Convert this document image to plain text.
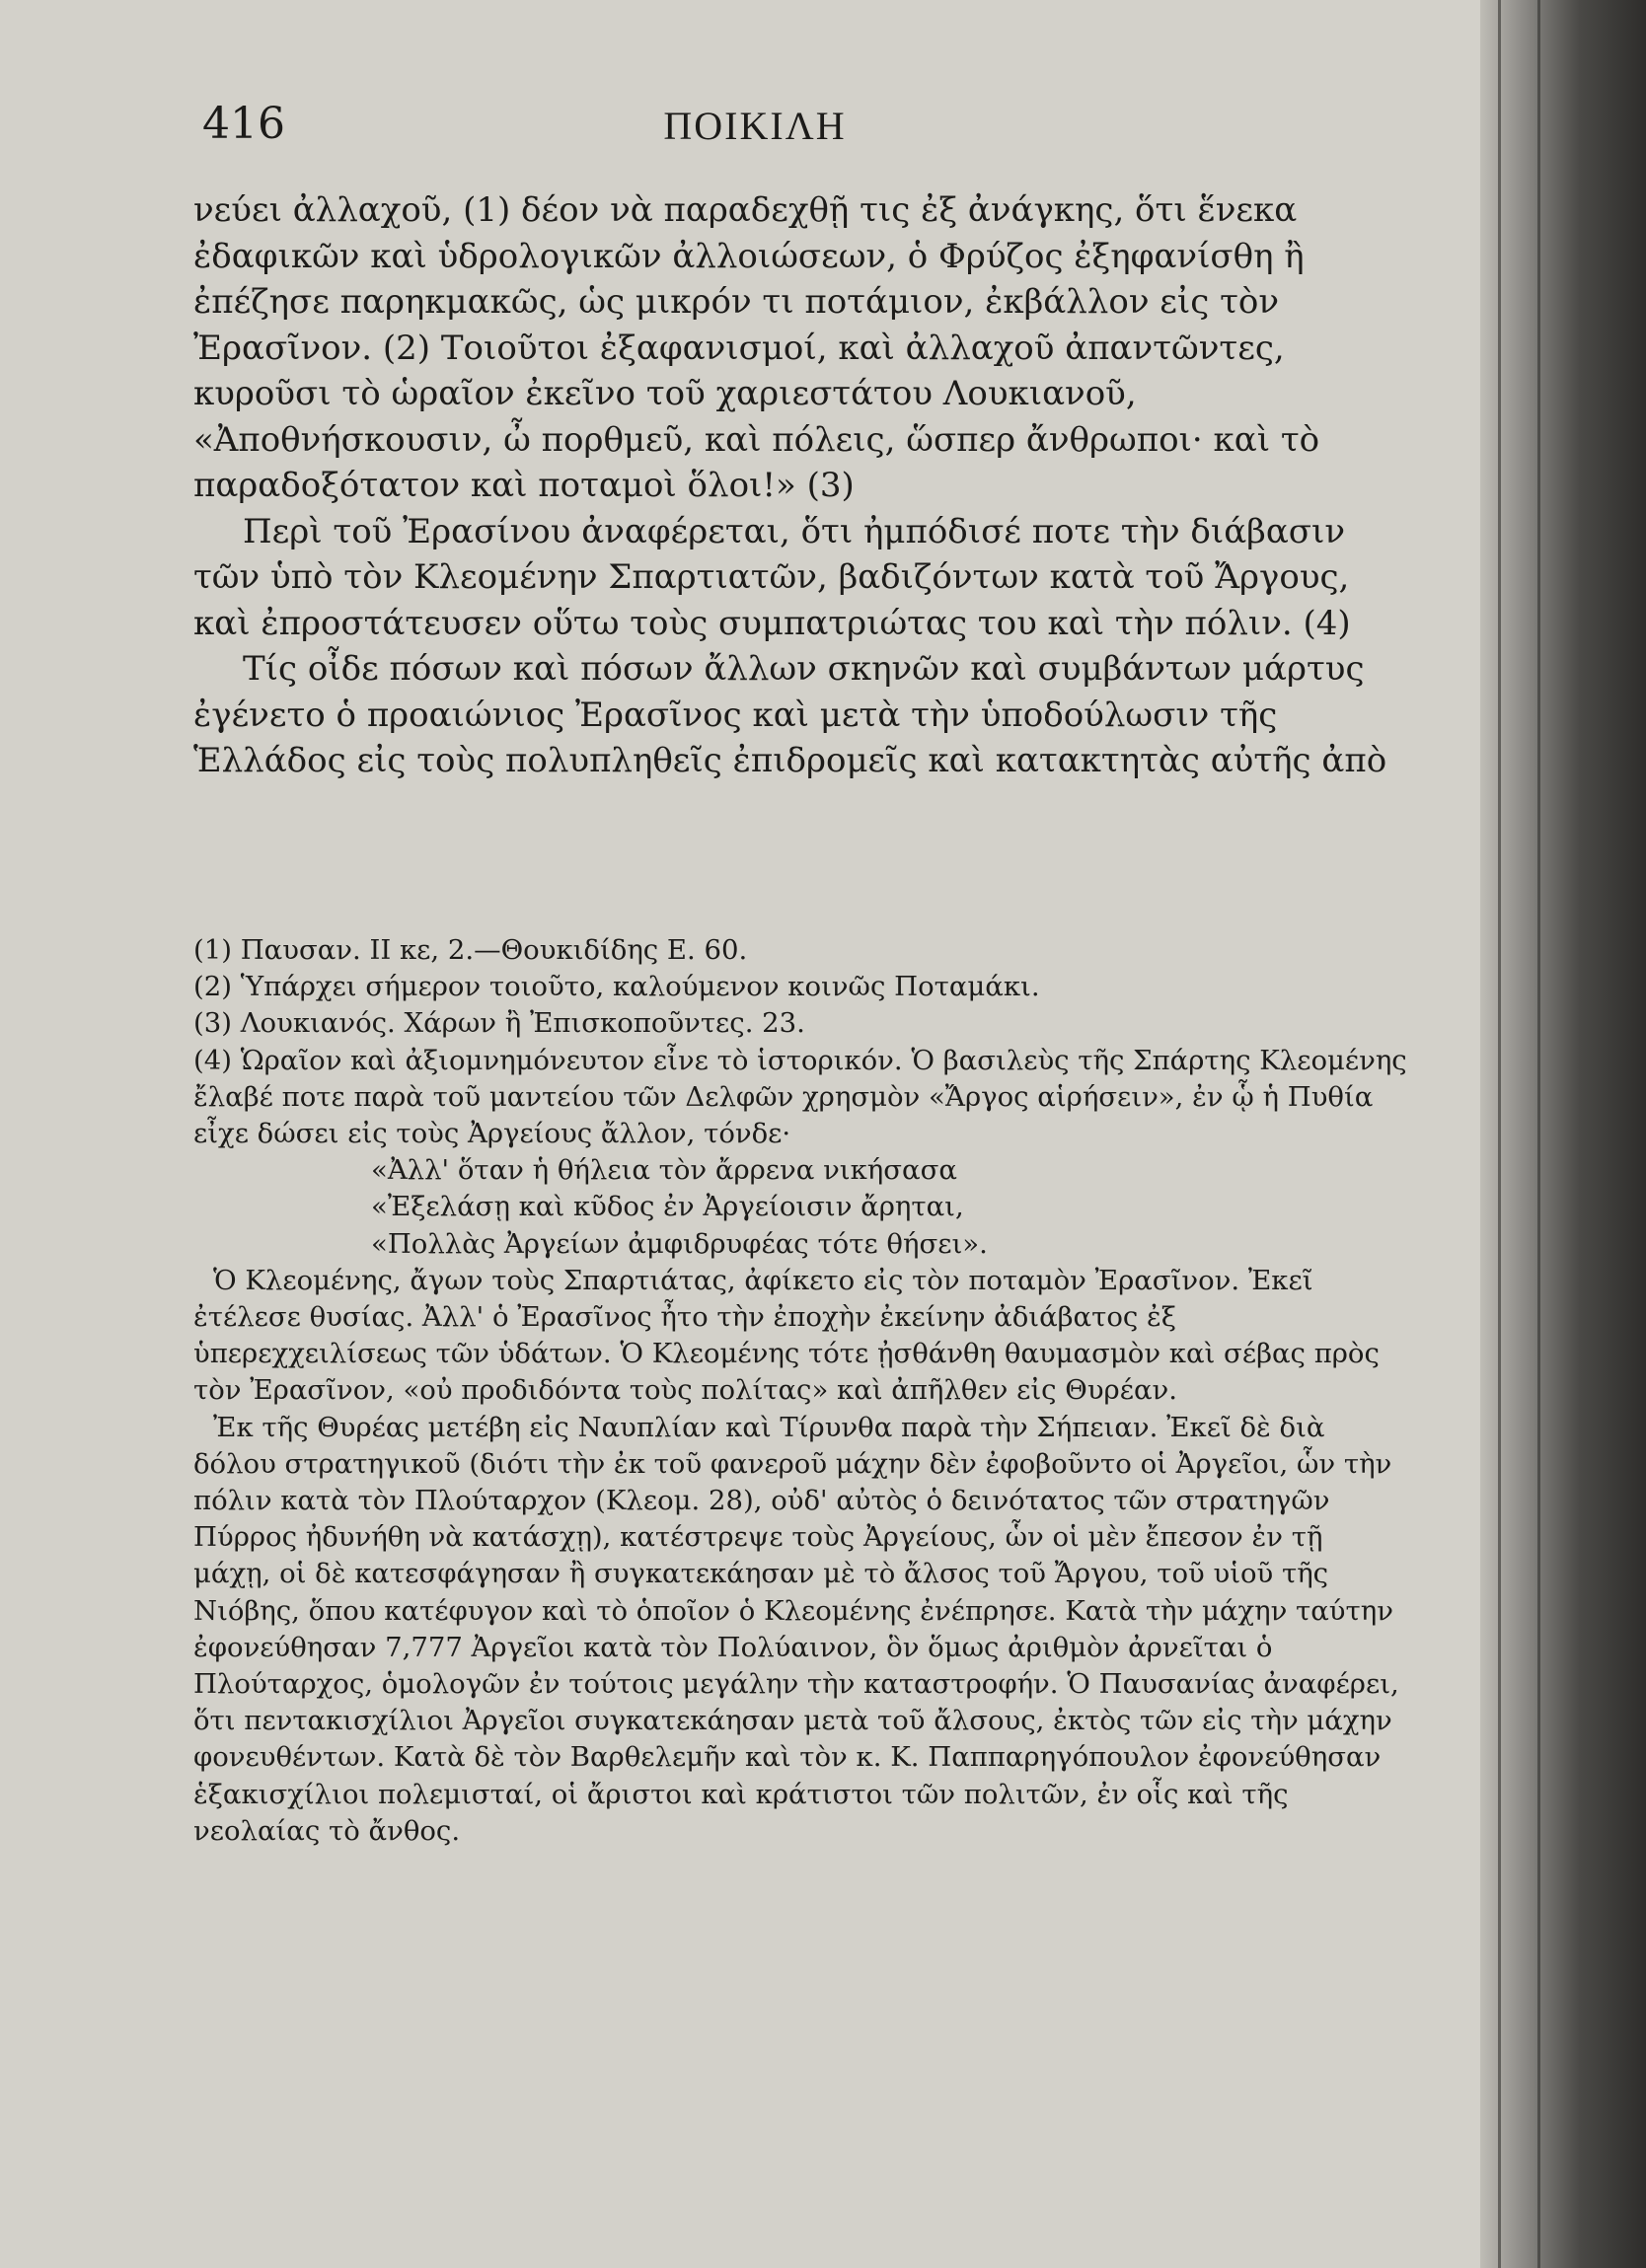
416	ΠΟΙΚΙΛΗ

νεύει ἀλλαχοῦ, (1) δέον νὰ παραδεχθῇ τις ἐξ ἀνάγκης, ὅτι ἕνεκα ἐδαφικῶν καὶ ὑδρολογικῶν ἀλλοιώσεων, ὁ Φρύζος ἐξηφανίσθη ἢ ἐπέζησε παρηκμακῶς, ὡς μικρόν τι ποτάμιον, ἐκβάλλον εἰς τὸν Ἐρασῖνον. (2) Τοιοῦτοι ἐξαφανισμοί, καὶ ἀλλαχοῦ ἀπαντῶντες, κυροῦσι τὸ ὡραῖον ἐκεῖνο τοῦ χαριεστάτου Λουκιανοῦ, «Ἀποθνήσκουσιν, ὦ πορθμεῦ, καὶ πόλεις, ὥσπερ ἄνθρωποι· καὶ τὸ παραδοξότατον καὶ ποταμοὶ ὅλοι!» (3)

Περὶ τοῦ Ἐρασίνου ἀναφέρεται, ὅτι ἠμπόδισέ ποτε τὴν διάβασιν τῶν ὑπὸ τὸν Κλεομένην Σπαρτιατῶν, βαδιζόντων κατὰ τοῦ Ἄργους, καὶ ἐπροστάτευσεν οὕτω τοὺς συμπατριώτας του καὶ τὴν πόλιν. (4)

Τίς οἶδε πόσων καὶ πόσων ἄλλων σκηνῶν καὶ συμβάντων μάρτυς ἐγένετο ὁ προαιώνιος Ἐρασῖνος καὶ μετὰ τὴν ὑποδούλωσιν τῆς Ἑλλάδος εἰς τοὺς πολυπληθεῖς ἐπιδρομεῖς καὶ κατακτητὰς αὐτῆς ἀπὸ

(1) Παυσαν. ΙΙ κε, 2.—Θουκιδίδης Ε. 60.

(2) Ὑπάρχει σήμερον τοιοῦτο, καλούμενον κοινῶς Ποταμάκι.

(3) Λουκιανός. Χάρων ἢ Ἐπισκοποῦντες. 23.

(4) Ὡραῖον καὶ ἀξιομνημόνευτον εἶνε τὸ ἱστορικόν. Ὁ βασιλεὺς τῆς Σπάρτης Κλεομένης ἔλαβέ ποτε παρὰ τοῦ μαντείου τῶν Δελφῶν χρησμὸν «Ἄργος αἱρήσειν», ἐν ᾧ ἡ Πυθία εἶχε δώσει εἰς τοὺς Ἀργείους ἄλλον, τόνδε·

«Ἀλλ' ὅταν ἡ θήλεια τὸν ἄρρενα νικήσασα

«Ἐξελάσῃ καὶ κῦδος ἐν Ἀργείοισιν ἄρηται,

«Πολλὰς Ἀργείων ἀμφιδρυφέας τότε θήσει».

Ὁ Κλεομένης, ἄγων τοὺς Σπαρτιάτας, ἀφίκετο εἰς τὸν ποταμὸν Ἐρασῖνον. Ἐκεῖ ἐτέλεσε θυσίας. Ἀλλ' ὁ Ἐρασῖνος ἦτο τὴν ἐποχὴν ἐκείνην ἀδιάβατος ἐξ ὑπερεχχειλίσεως τῶν ὑδάτων. Ὁ Κλεομένης τότε ᾐσθάνθη θαυμασμὸν καὶ σέβας πρὸς τὸν Ἐρασῖνον, «οὐ προδιδόντα τοὺς πολίτας» καὶ ἀπῆλθεν εἰς Θυρέαν.

Ἐκ τῆς Θυρέας μετέβη εἰς Ναυπλίαν καὶ Τίρυνθα παρὰ τὴν Σήπειαν. Ἐκεῖ δὲ διὰ δόλου στρατηγικοῦ (διότι τὴν ἐκ τοῦ φανεροῦ μάχην δὲν ἐφοβοῦντο οἱ Ἀργεῖοι, ὧν τὴν πόλιν κατὰ τὸν Πλούταρχον (Κλεομ. 28), οὐδ' αὐτὸς ὁ δεινότατος τῶν στρατηγῶν Πύρρος ἠδυνήθη νὰ κατάσχῃ), κατέστρεψε τοὺς Ἀργείους, ὧν οἱ μὲν ἔπεσον ἐν τῇ μάχῃ, οἱ δὲ κατεσφάγησαν ἢ συγκατεκάησαν μὲ τὸ ἄλσος τοῦ Ἄργου, τοῦ υἱοῦ τῆς Νιόβης, ὅπου κατέφυγον καὶ τὸ ὁποῖον ὁ Κλεομένης ἐνέπρησε. Κατὰ τὴν μάχην ταύτην ἐφονεύθησαν 7,777 Ἀργεῖοι κατὰ τὸν Πολύαινον, ὃν ὅμως ἀριθμὸν ἀρνεῖται ὁ Πλούταρχος, ὁμολογῶν ἐν τούτοις μεγάλην τὴν καταστροφήν. Ὁ Παυσανίας ἀναφέρει, ὅτι πεντακισχίλιοι Ἀργεῖοι συγκατεκάησαν μετὰ τοῦ ἄλσους, ἐκτὸς τῶν εἰς τὴν μάχην φονευθέντων. Κατὰ δὲ τὸν Βαρθελεμῆν καὶ τὸν κ. Κ. Παππαρηγόπουλον ἐφονεύθησαν ἑξακισχίλιοι πολεμισταί, οἱ ἄριστοι καὶ κράτιστοι τῶν πολιτῶν, ἐν οἷς καὶ τῆς νεολαίας τὸ ἄνθος.
